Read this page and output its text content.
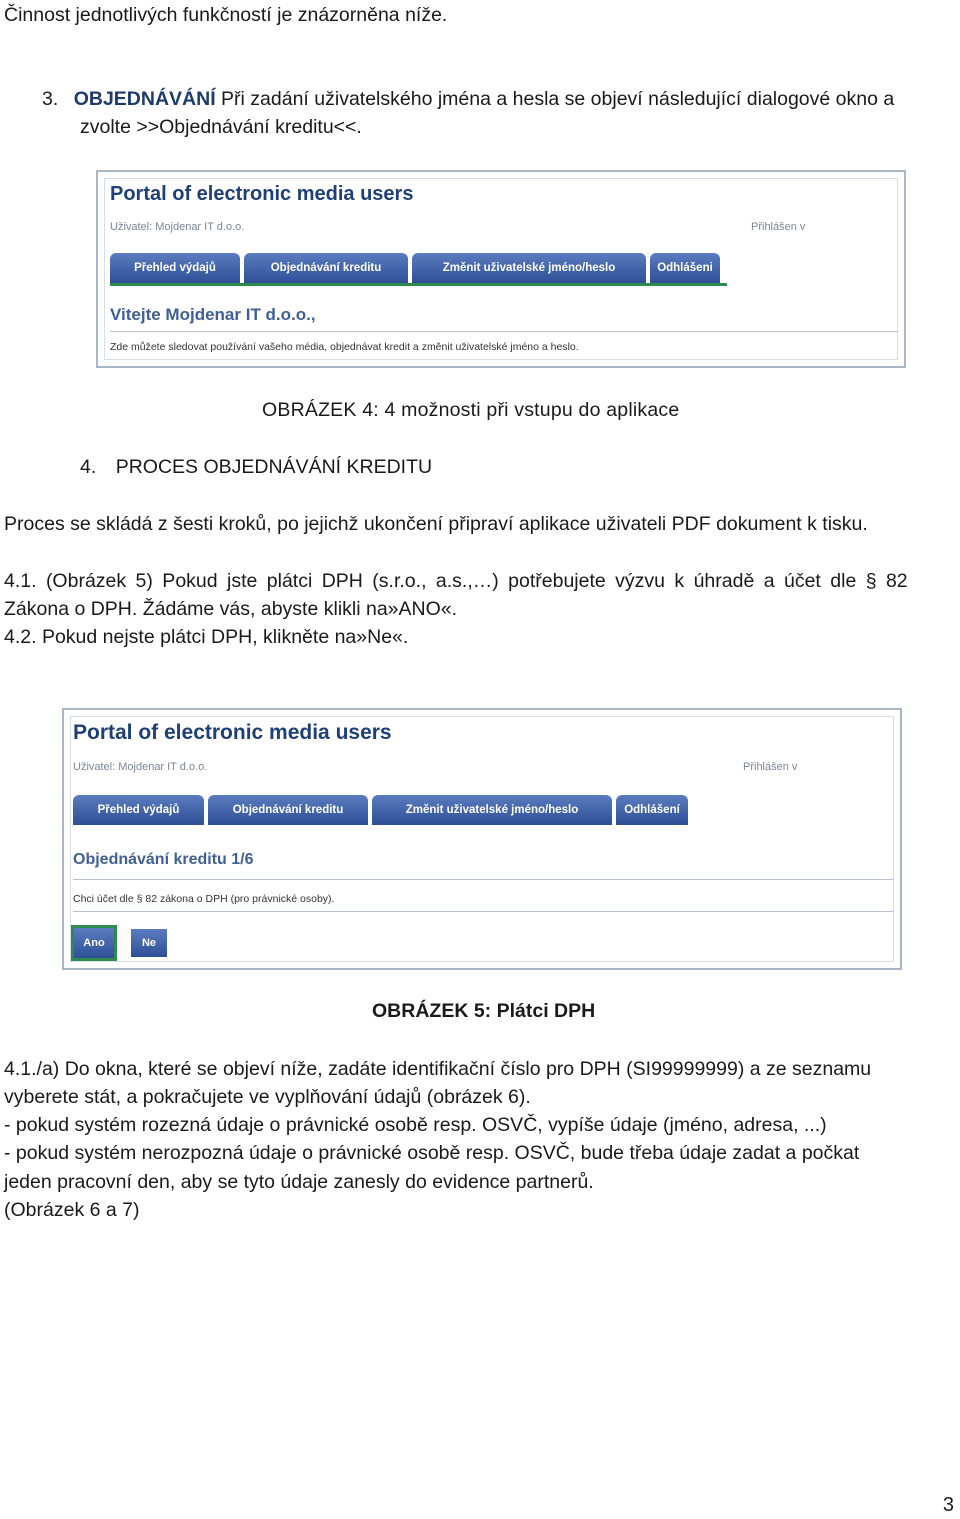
Činnost jednotlivých funkčností je znázorněna níže.
3. OBJEDNÁVÁNÍ Při zadání uživatelského jména a hesla se objeví následující dialogové okno a
zvolte >>Objednávání kreditu<<.
Portal of electronic media users
Uživatel: Mojdenar IT d.o.o.	Přihlášen v
Přehled výdajů	Objednávání kreditu	Změnit uživatelské jméno/heslo	Odhlášeni
Vitejte Mojdenar IT d.o.o.,
Zde můžete sledovat používání vašeho média, objednávat kredit a změnit uživatelské jméno a heslo.
OBRÁZEK 4: 4 možnosti při vstupu do aplikace
4. PROCES OBJEDNÁVÁNÍ KREDITU
Proces se skládá z šesti kroků, po jejichž ukončení připraví aplikace uživateli PDF dokument k tisku.
4.1. (Obrázek 5) Pokud jste plátci DPH (s.r.o., a.s.,…) potřebujete výzvu k úhradě a účet dle § 82
Zákona o DPH. Žádáme vás, abyste klikli na»ANO«.
4.2. Pokud nejste plátci DPH, klikněte na»Ne«.
Portal of electronic media users
Uživatel: Mojdenar IT d.o.o.	Přihlášen v
Přehled výdajů	Objednávání kreditu	Změnit uživatelské jméno/heslo	Odhlášení
Objednávání kreditu 1/6
Chci účet dle § 82 zákona o DPH (pro právnické osoby).
Ano	Ne
OBRÁZEK 5: Plátci DPH
4.1./a) Do okna, které se objeví níže, zadáte identifikační číslo pro DPH (SI99999999) a ze seznamu
vyberete stát, a pokračujete ve vyplňování údajů (obrázek 6).
- pokud systém rozezná údaje o právnické osobě resp. OSVČ, vypíše údaje (jméno, adresa, ...)
- pokud systém nerozpozná údaje o právnické osobě resp. OSVČ, bude třeba údaje zadat a počkat
jeden pracovní den, aby se tyto údaje zanesly do evidence partnerů.
(Obrázek 6 a 7)
3
